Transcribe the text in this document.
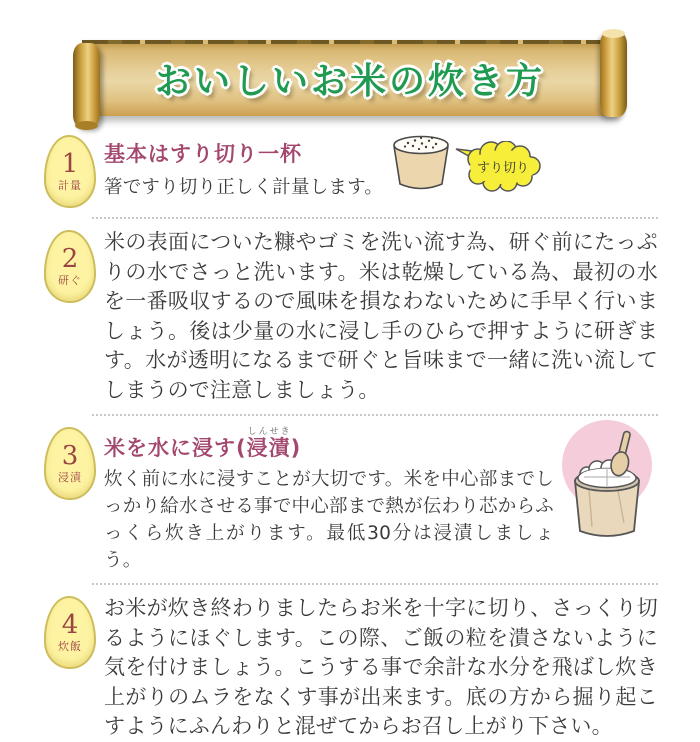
おいしいお米の炊き方
1
計量
基本はすり切り一杯
箸ですり切り正しく計量します。
すり切り
2
研ぐ

米の表面についた糠やゴミを洗い流す為、研ぐ前にたっぷりの水でさっと洗います。米は乾燥している為、最初の水を一番吸収するので風味を損なわないために手早く行いましょう。後は少量の水に浸し手のひらで押すように研ぎます。水が透明になるまで研ぐと旨味まで一緒に洗い流してしまうので注意しましょう。

3
浸漬
米を水に浸す(浸漬しんせき)
炊く前に水に浸すことが大切です。米を中心部までしっかり給水させる事で中心部まで熱が伝わり芯からふっくら炊き上がります。最低30分は浸漬しましょう。
4
炊飯

お米が炊き終わりましたらお米を十字に切り、さっくり切るようにほぐします。この際、ご飯の粒を潰さないように気を付けましょう。こうする事で余計な水分を飛ばし炊き上がりのムラをなくす事が出来ます。底の方から掘り起こすようにふんわりと混ぜてからお召し上がり下さい。
